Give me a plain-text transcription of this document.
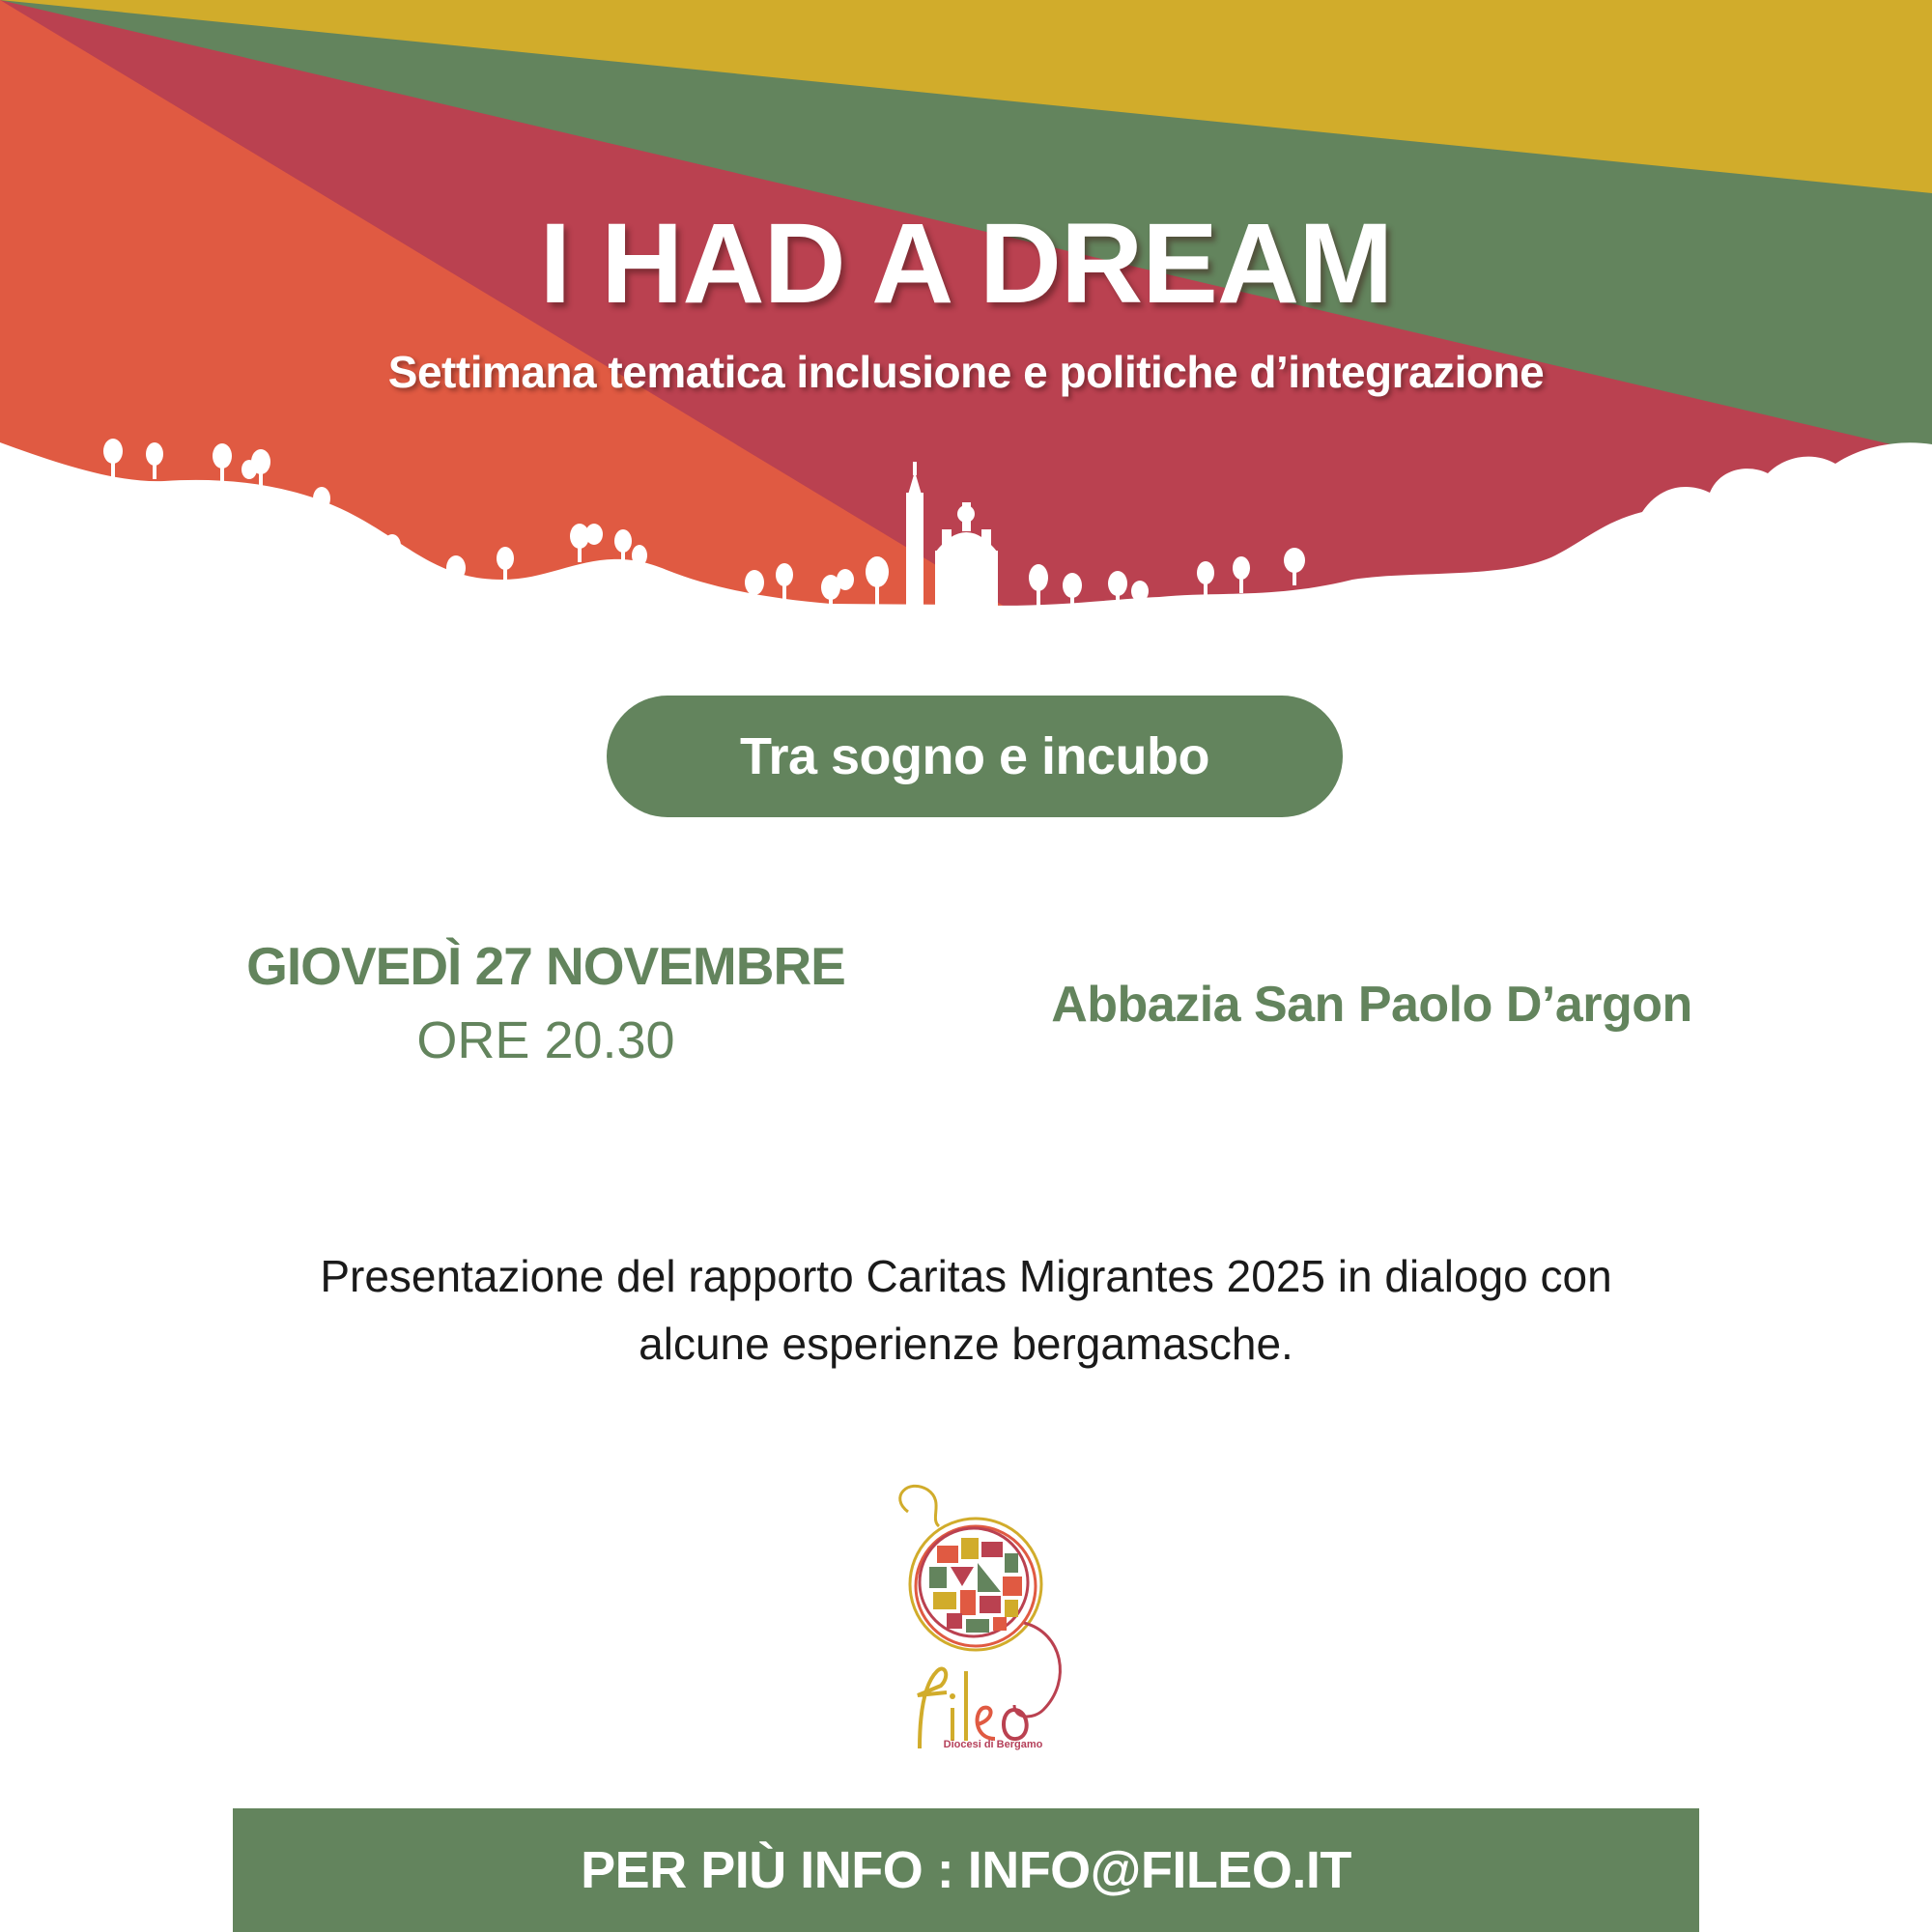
I HAD A DREAM
Settimana tematica inclusione e politiche d’integrazione
Tra sogno e incubo
GIOVEDÌ 27 NOVEMBRE
ORE 20.30
Abbazia San Paolo D’argon
Presentazione del rapporto Caritas Migrantes 2025 in dialogo con alcune esperienze bergamasche.
Diocesi di Bergamo
PER PIÙ INFO : INFO@FILEO.IT
